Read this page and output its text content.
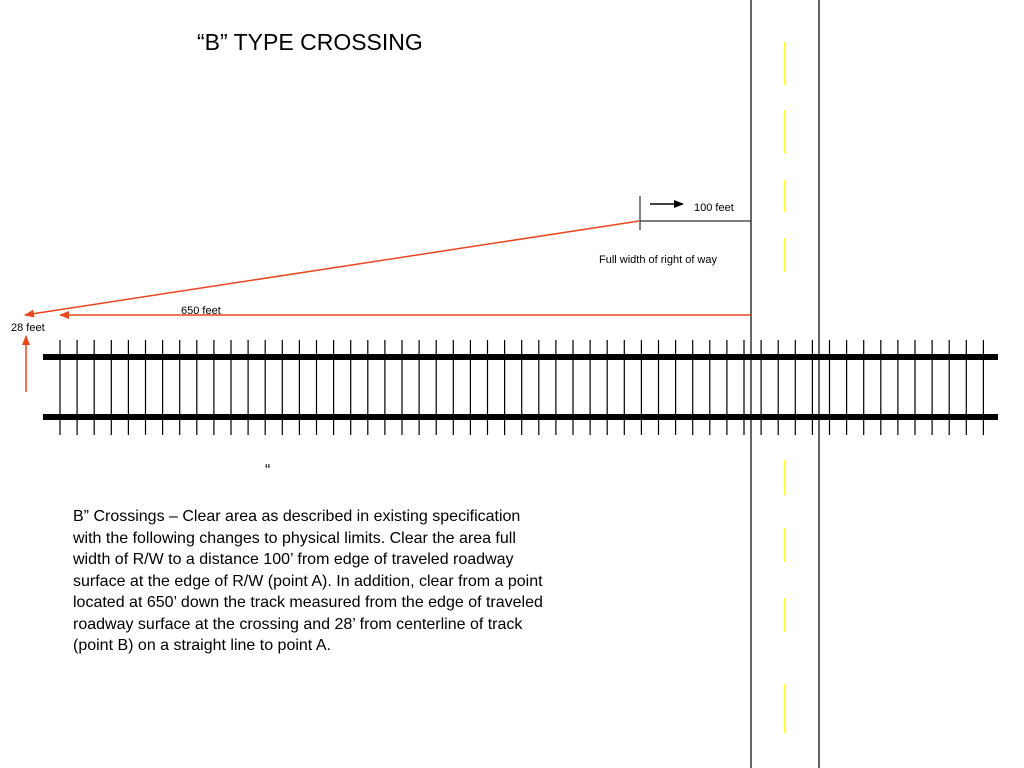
“B” TYPE CROSSING
100 feet
Full width of right of way
650 feet
28 feet
“
B” Crossings – Clear area as described in existing specification
with the following changes to physical limits. Clear the area full
width of R/W to a distance 100’ from edge of traveled roadway
surface at the edge of R/W (point A). In addition, clear from a point
located at 650’ down the track measured from the edge of traveled
roadway surface at the crossing and 28’ from centerline of track
(point B) on a straight line to point A.
